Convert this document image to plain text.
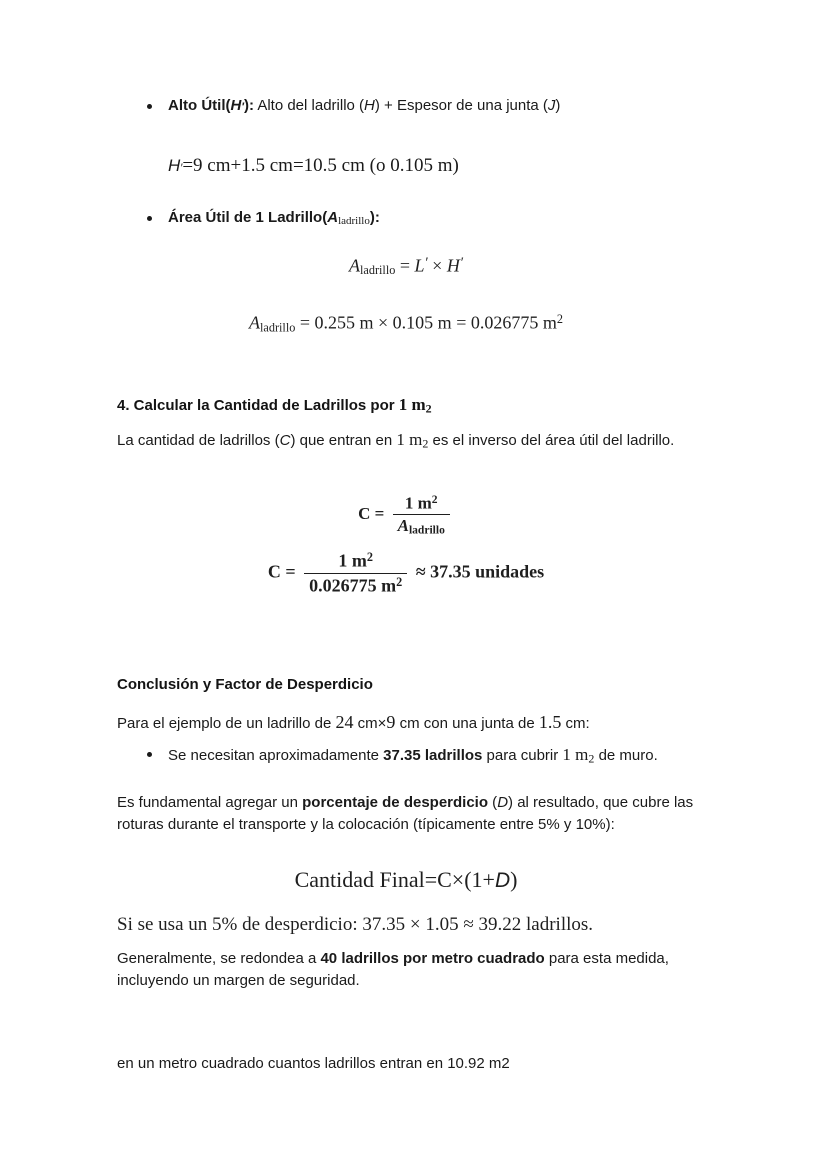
Alto Útil(H′): Alto del ladrillo (H) + Espesor de una junta (J)
H′=9 cm+1.5 cm=10.5 cm (o 0.105 m)
Área Útil de 1 Ladrillo(Aladrillo):
$A_{ladrillo} = L' \times H'$
$A_{ladrillo} = 0.255$ m × 0.105 m = 0.026775 $m^2$
4. Calcular la Cantidad de Ladrillos por 1 $m_2$
La cantidad de ladrillos (C) que entran en 1 $m_2$ es el inverso del área útil del ladrillo.
$C = \frac{1 m^2}{A_{ladrillo}}$
$C = \frac{1 m^2}{0.026775 m^2} \approx 37.35$ unidades
Conclusión y Factor de Desperdicio
Para el ejemplo de un ladrillo de 24 cm×9 cm con una junta de 1.5 cm:
Se necesitan aproximadamente 37.35 ladrillos para cubrir 1 $m_2$ de muro.
Es fundamental agregar un porcentaje de desperdicio (D) al resultado, que cubre las roturas durante el transporte y la colocación (típicamente entre 5% y 10%):
Cantidad Final=C×(1+D)
Si se usa un 5% de desperdicio: 37.35 × 1.05 ≈ 39.22 ladrillos.
Generalmente, se redondea a 40 ladrillos por metro cuadrado para esta medida, incluyendo un margen de seguridad.
en un metro cuadrado cuantos ladrillos entran en 10.92 m2
